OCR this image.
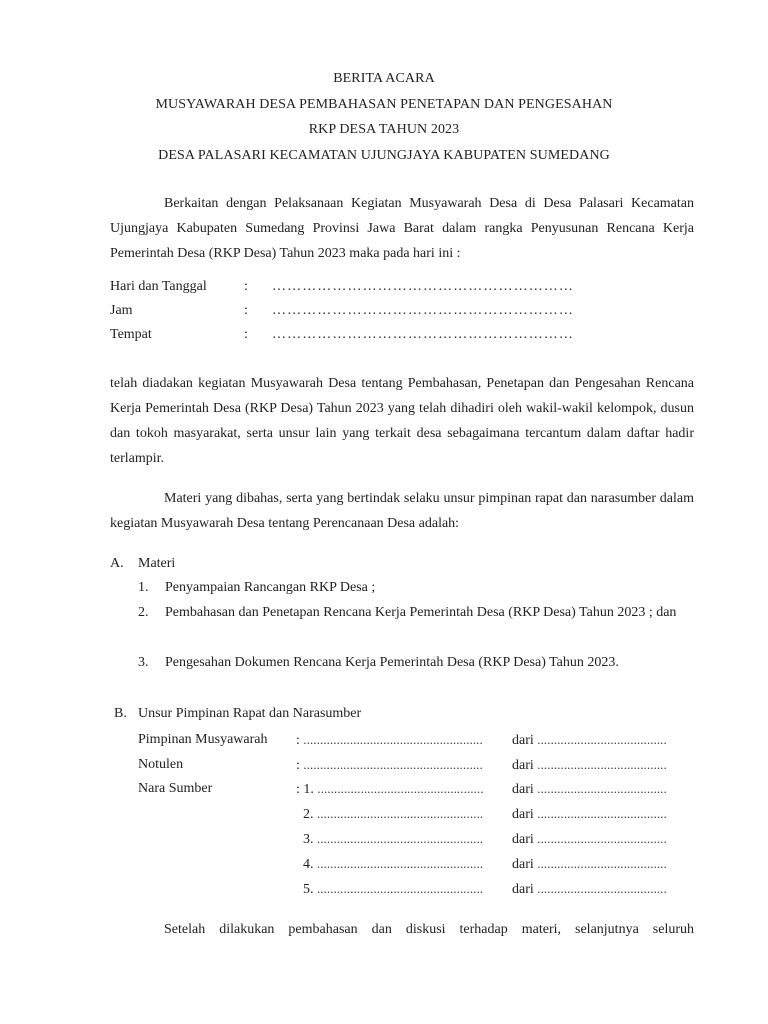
BERITA ACARA
MUSYAWARAH DESA PEMBAHASAN PENETAPAN DAN PENGESAHAN
RKP DESA TAHUN 2023
DESA PALASARI KECAMATAN UJUNGJAYA KABUPATEN SUMEDANG
Berkaitan dengan Pelaksanaan Kegiatan Musyawarah Desa di Desa Palasari Kecamatan Ujungjaya Kabupaten Sumedang Provinsi Jawa Barat dalam rangka Penyusunan Rencana Kerja Pemerintah Desa (RKP Desa) Tahun 2023 maka pada hari ini :
Hari dan Tanggal	: ……………………………………………………
Jam	: ……………………………………………………
Tempat	: ……………………………………………………
telah diadakan kegiatan Musyawarah Desa tentang Pembahasan, Penetapan dan Pengesahan Rencana Kerja Pemerintah Desa (RKP Desa) Tahun 2023 yang telah dihadiri oleh wakil-wakil kelompok, dusun dan tokoh masyarakat, serta unsur lain yang terkait desa sebagaimana tercantum dalam daftar hadir terlampir.
Materi yang dibahas, serta yang bertindak selaku unsur pimpinan rapat dan narasumber dalam kegiatan Musyawarah Desa tentang Perencanaan Desa adalah:
A. Materi
1. Penyampaian Rancangan RKP Desa ;
2. Pembahasan dan Penetapan Rencana Kerja Pemerintah Desa (RKP Desa) Tahun 2023 ; dan
3. Pengesahan Dokumen Rencana Kerja Pemerintah Desa (RKP Desa) Tahun 2023.
B. Unsur Pimpinan Rapat dan Narasumber
Pimpinan Musyawarah : ...................................................... dari .......................................
Notulen	: ...................................................... dari .......................................
Nara Sumber	: 1. .................................................. dari .......................................
2. .................................................. dari .......................................
3. .................................................. dari .......................................
4. .................................................. dari .......................................
5. .................................................. dari .......................................
Setelah dilakukan pembahasan dan diskusi terhadap materi, selanjutnya seluruh
